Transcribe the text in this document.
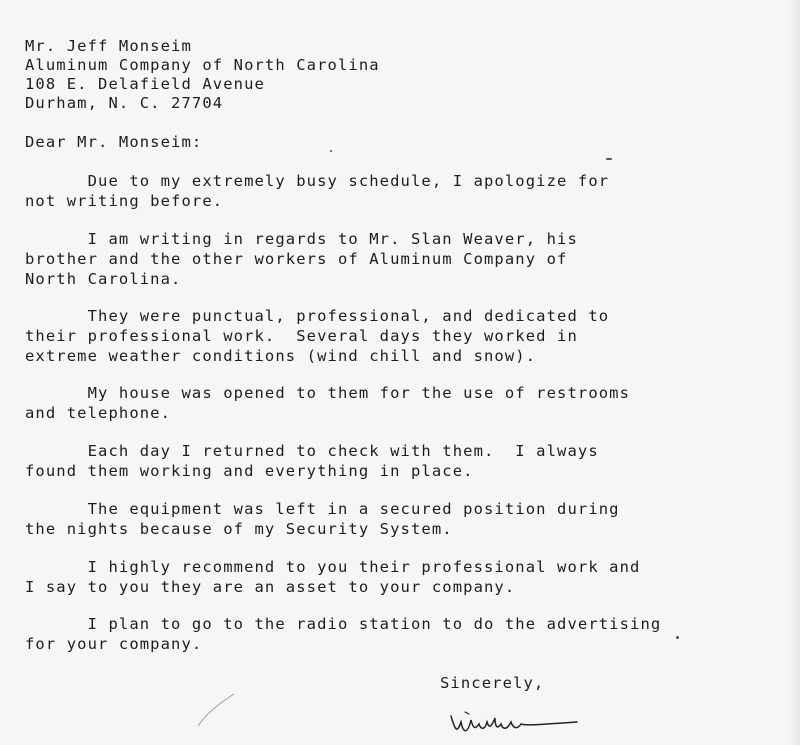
Mr. Jeff Monseim

Aluminum Company of North Carolina

108 E. Delafield Avenue

Durham, N. C. 27704

Dear Mr. Monseim:

Due to my extremely busy schedule, I apologize for

not writing before.

I am writing in regards to Mr. Slan Weaver, his

brother and the other workers of Aluminum Company of

North Carolina.

They were punctual, professional, and dedicated to

their professional work.  Several days they worked in

extreme weather conditions (wind chill and snow).

My house was opened to them for the use of restrooms

and telephone.

Each day I returned to check with them.  I always

found them working and everything in place.

The equipment was left in a secured position during

the nights because of my Security System.

I highly recommend to you their professional work and

I say to you they are an asset to your company.

I plan to go to the radio station to do the advertising

for your company.

Sincerely,
